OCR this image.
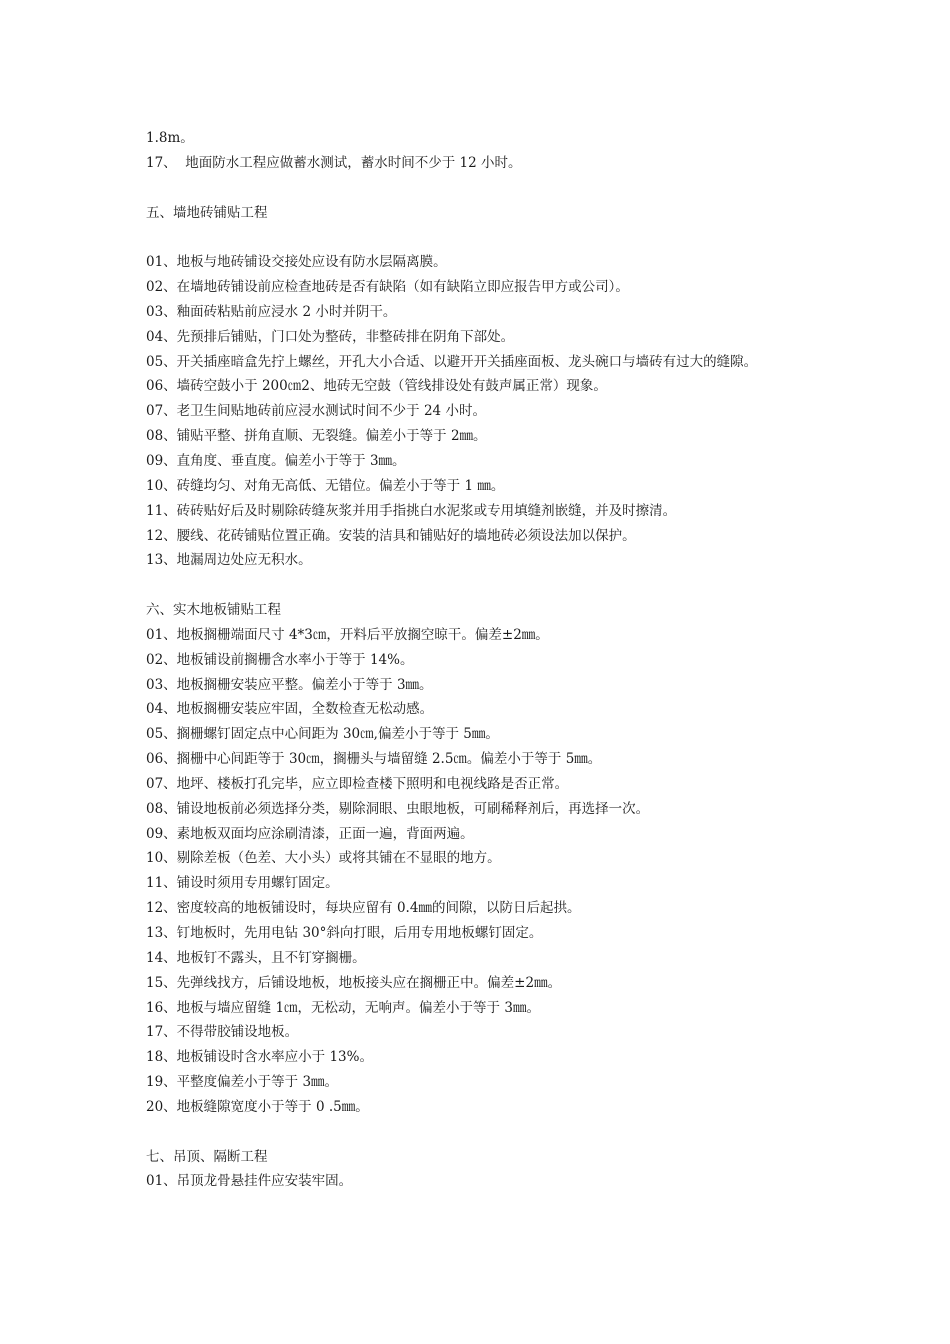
1.8m。

17、  地面防水工程应做蓄水测试，蓄水时间不少于 12 小时。

五、墙地砖铺贴工程

01、地板与地砖铺设交接处应设有防水层隔离膜。

02、在墙地砖铺设前应检查地砖是否有缺陷（如有缺陷立即应报告甲方或公司）。

03、釉面砖粘贴前应浸水 2 小时并阴干。

04、先预排后铺贴，门口处为整砖，非整砖排在阴角下部处。

05、开关插座暗盒先拧上螺丝，开孔大小合适、以避开开关插座面板、龙头碗口与墙砖有过大的缝隙。

06、墙砖空鼓小于 200㎝2、地砖无空鼓（管线排设处有鼓声属正常）现象。

07、老卫生间贴地砖前应浸水测试时间不少于 24 小时。

08、铺贴平整、拼角直顺、无裂缝。偏差小于等于 2㎜。

09、直角度、垂直度。偏差小于等于 3㎜。

10、砖缝均匀、对角无高低、无错位。偏差小于等于 1 ㎜。

11、砖砖贴好后及时剔除砖缝灰浆并用手指挑白水泥浆或专用填缝剂嵌缝，并及时擦清。

12、腰线、花砖铺贴位置正确。安装的洁具和铺贴好的墙地砖必须设法加以保护。

13、地漏周边处应无积水。

六、实木地板铺贴工程

01、地板搁栅端面尺寸 4*3㎝，开料后平放搁空晾干。偏差±2㎜。

02、地板铺设前搁栅含水率小于等于 14%。

03、地板搁栅安装应平整。偏差小于等于 3㎜。

04、地板搁栅安装应牢固，全数检查无松动感。

05、搁栅螺钉固定点中心间距为 30㎝,偏差小于等于 5㎜。

06、搁栅中心间距等于 30㎝，搁栅头与墙留缝 2.5㎝。偏差小于等于 5㎜。

07、地坪、楼板打孔完毕，应立即检查楼下照明和电视线路是否正常。

08、铺设地板前必须选择分类，剔除洞眼、虫眼地板，可刷稀释剂后，再选择一次。

09、素地板双面均应涂刷清漆，正面一遍，背面两遍。

10、剔除差板（色差、大小头）或将其铺在不显眼的地方。

11、铺设时须用专用螺钉固定。

12、密度较高的地板铺设时，每块应留有 0.4㎜的间隙，以防日后起拱。

13、钉地板时，先用电钻 30°斜向打眼，后用专用地板螺钉固定。

14、地板钉不露头，且不钉穿搁栅。

15、先弹线找方，后铺设地板，地板接头应在搁栅正中。偏差±2㎜。

16、地板与墙应留缝 1㎝，无松动，无响声。偏差小于等于 3㎜。

17、不得带胶铺设地板。

18、地板铺设时含水率应小于 13%。

19、平整度偏差小于等于 3㎜。

20、地板缝隙宽度小于等于 0 .5㎜。

七、吊顶、隔断工程

01、吊顶龙骨悬挂件应安装牢固。
